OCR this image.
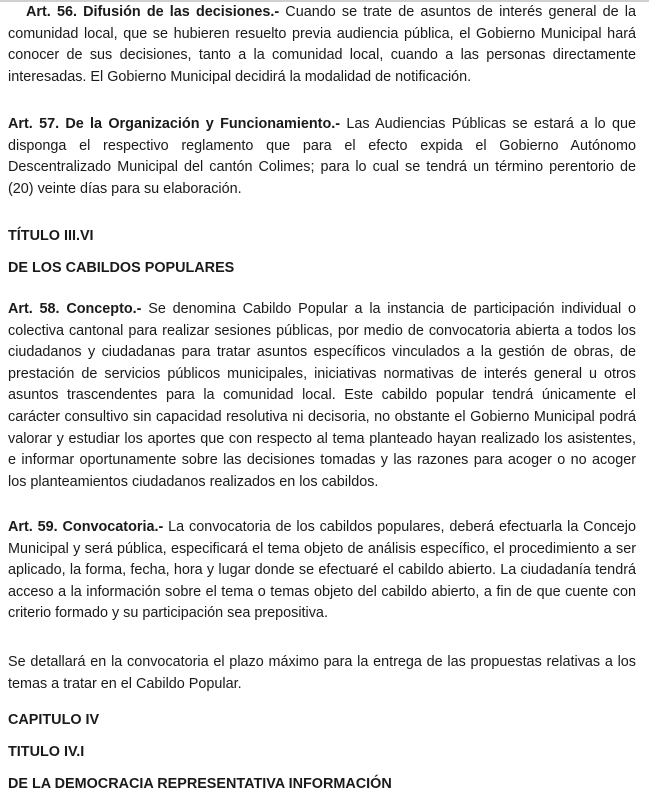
Art. 56. Difusión de las decisiones.- Cuando se trate de asuntos de interés general de la comunidad local, que se hubieren resuelto previa audiencia pública, el Gobierno Municipal hará conocer de sus decisiones, tanto a la comunidad local, cuando a las personas directamente interesadas. El Gobierno Municipal decidirá la modalidad de notificación.

Art. 57. De la Organización y Funcionamiento.- Las Audiencias Públicas se estará a lo que disponga el respectivo reglamento que para el efecto expida el Gobierno Autónomo Descentralizado Municipal del cantón Colimes; para lo cual se tendrá un término perentorio de (20) veinte días para su elaboración.

TÍTULO III.VI

DE LOS CABILDOS POPULARES

Art. 58. Concepto.- Se denomina Cabildo Popular a la instancia de participación individual o colectiva cantonal para realizar sesiones públicas, por medio de convocatoria abierta a todos los ciudadanos y ciudadanas para tratar asuntos específicos vinculados a la gestión de obras, de prestación de servicios públicos municipales, iniciativas normativas de interés general u otros asuntos trascendentes para la comunidad local. Este cabildo popular tendrá únicamente el carácter consultivo sin capacidad resolutiva ni decisoria, no obstante el Gobierno Municipal podrá valorar y estudiar los aportes que con respecto al tema planteado hayan realizado los asistentes, e informar oportunamente sobre las decisiones tomadas y las razones para acoger o no acoger los planteamientos ciudadanos realizados en los cabildos.

Art. 59. Convocatoria.- La convocatoria de los cabildos populares, deberá efectuarla la Concejo Municipal y será pública, especificará el tema objeto de análisis específico, el procedimiento a ser aplicado, la forma, fecha, hora y lugar donde se efectuaré el cabildo abierto. La ciudadanía tendrá acceso a la información sobre el tema o temas objeto del cabildo abierto, a fin de que cuente con criterio formado y su participación sea prepositiva.

Se detallará en la convocatoria el plazo máximo para la entrega de las propuestas relativas a los temas a tratar en el Cabildo Popular.

CAPITULO IV

TITULO IV.I

DE LA DEMOCRACIA REPRESENTATIVA INFORMACIÓN
